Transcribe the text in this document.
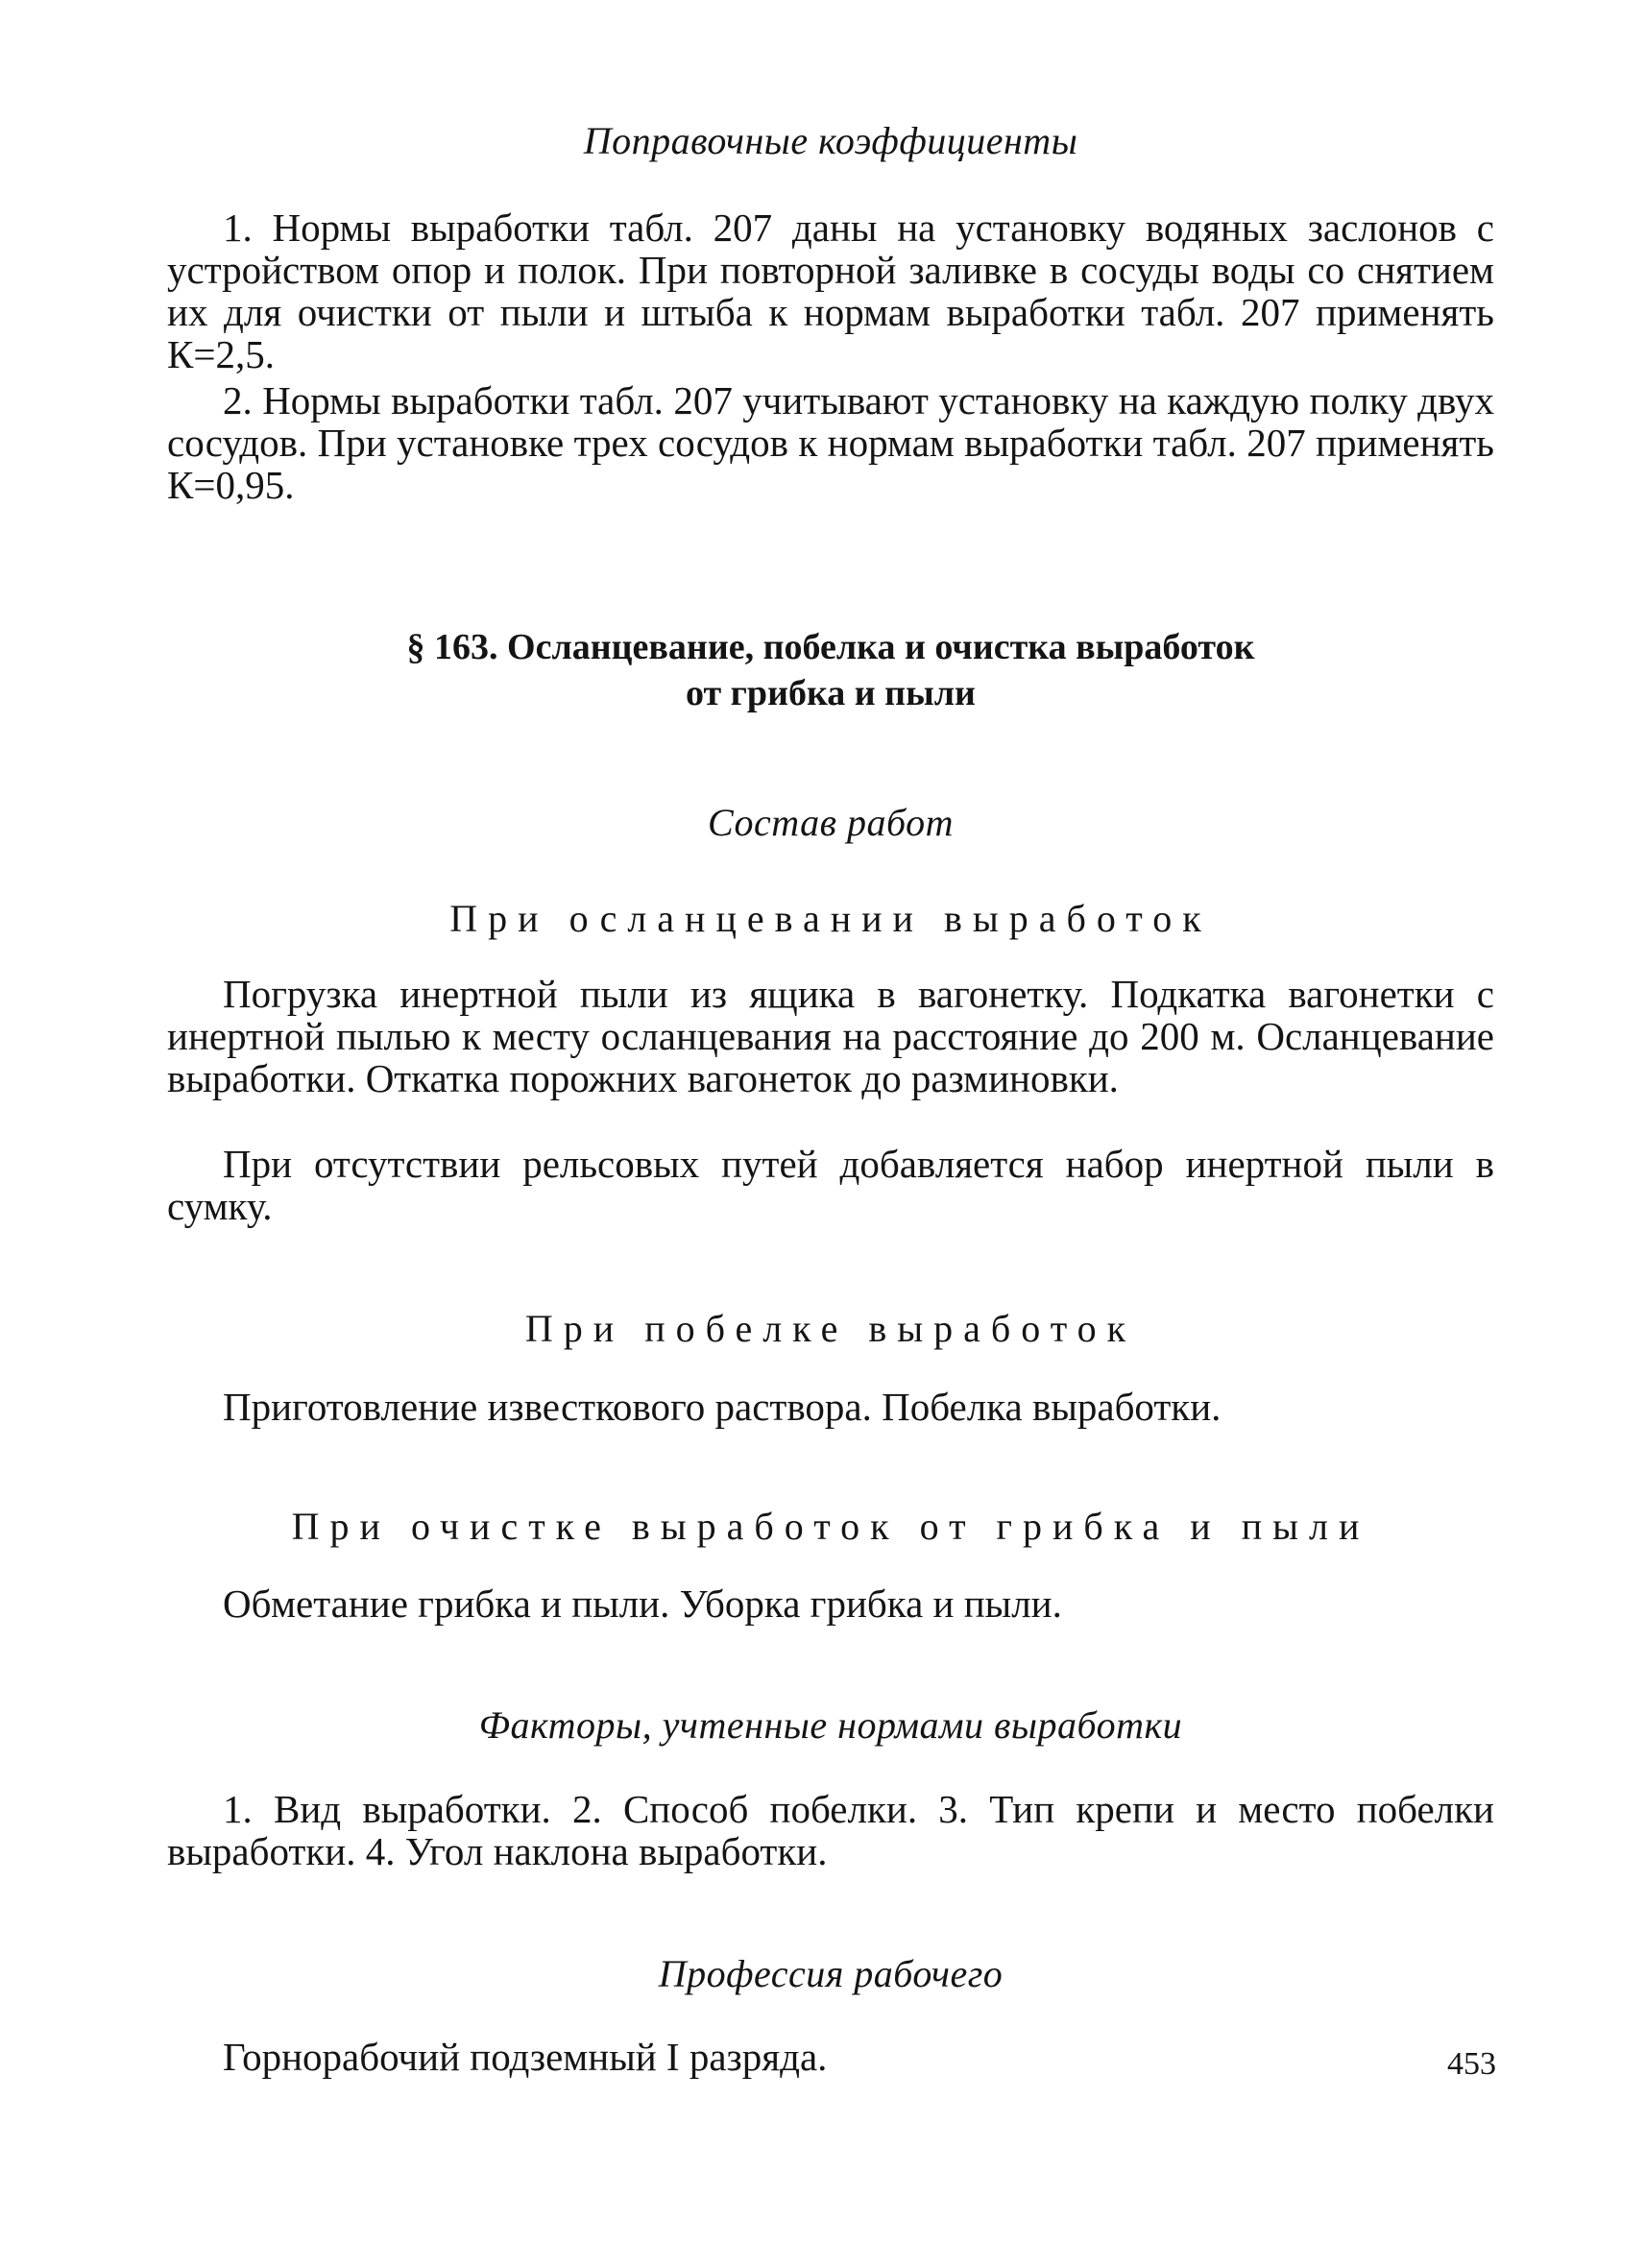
Поправочные коэффициенты

1. Нормы выработки табл. 207 даны на установку водяных заслонов с устройством опор и полок. При повторной заливке в сосуды воды со снятием их для очистки от пыли и штыба к нормам выработки табл. 207 применять К=2,5.

2. Нормы выработки табл. 207 учитывают установку на каждую полку двух сосудов. При установке трех сосудов к нормам выработки табл. 207 применять К=0,95.

§ 163. Осланцевание, побелка и очистка выработок
от грибка и пыли
Состав работ
При осланцевании выработок

Погрузка инертной пыли из ящика в вагонетку. Подкатка вагонетки с инертной пылью к месту осланцевания на расстояние до 200 м. Осланцевание выработки. Откатка порожних вагонеток до разминовки.

При отсутствии рельсовых путей добавляется набор инертной пыли в сумку.

При побелке выработок

Приготовление известкового раствора. Побелка выработки.

При очистке выработок от грибка и пыли

Обметание грибка и пыли. Уборка грибка и пыли.

Факторы, учтенные нормами выработки

1. Вид выработки. 2. Способ побелки. 3. Тип крепи и место побелки выработки. 4. Угол наклона выработки.

Профессия рабочего

Горнорабочий подземный I разряда.	453
